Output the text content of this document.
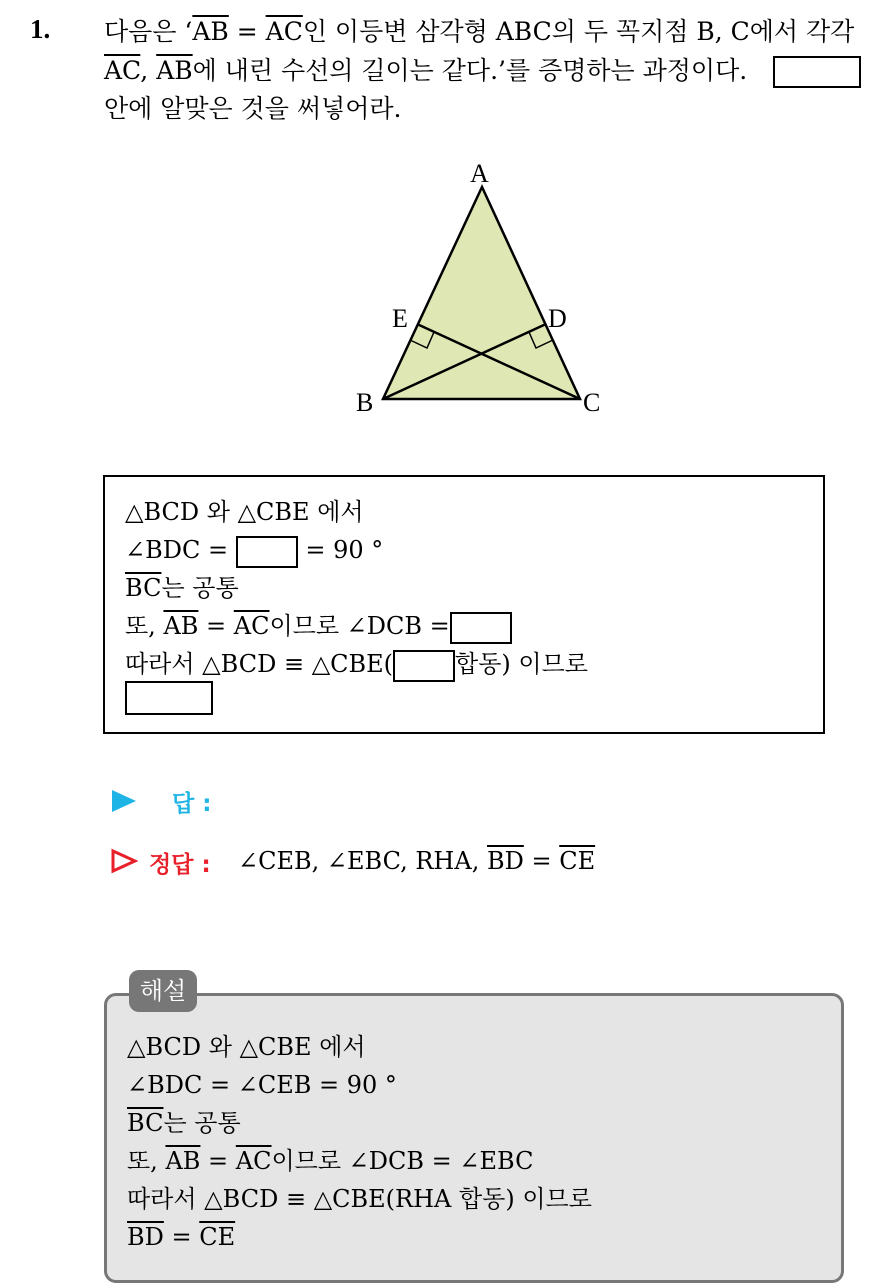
1. 다음은 ‘$\overline{AB} = \overline{AC}$인 이등변 삼각형 ABC의 두 꼭지점 B, C에서 각각
$\overline{AC}$, $\overline{AB}$에 내린 수선의 길이는 같다.’를 증명하는 과정이다.
안에 알맞은 것을 써넣어라.
A
B	C
D
E
△BCD 와 △CBE 에서
∠BDC =	= 90 °
$\overline{BC}$는 공통
또, $\overline{AB} = \overline{AC}$이므로 ∠DCB =
따라서 △BCD ≡ △CBE(	합동) 이므로
답 :
정답 : ∠CEB, ∠EBC, RHA, $\overline{BD} = \overline{CE}$
△BCD 와 △CBE 에서
∠BDC = ∠CEB = 90 °
$\overline{BC}$는 공통
또, $\overline{AB} = \overline{AC}$이므로 ∠DCB = ∠EBC
따라서 △BCD ≡ △CBE(RHA 합동) 이므로
$\overline{BD} = \overline{CE}$
해설
